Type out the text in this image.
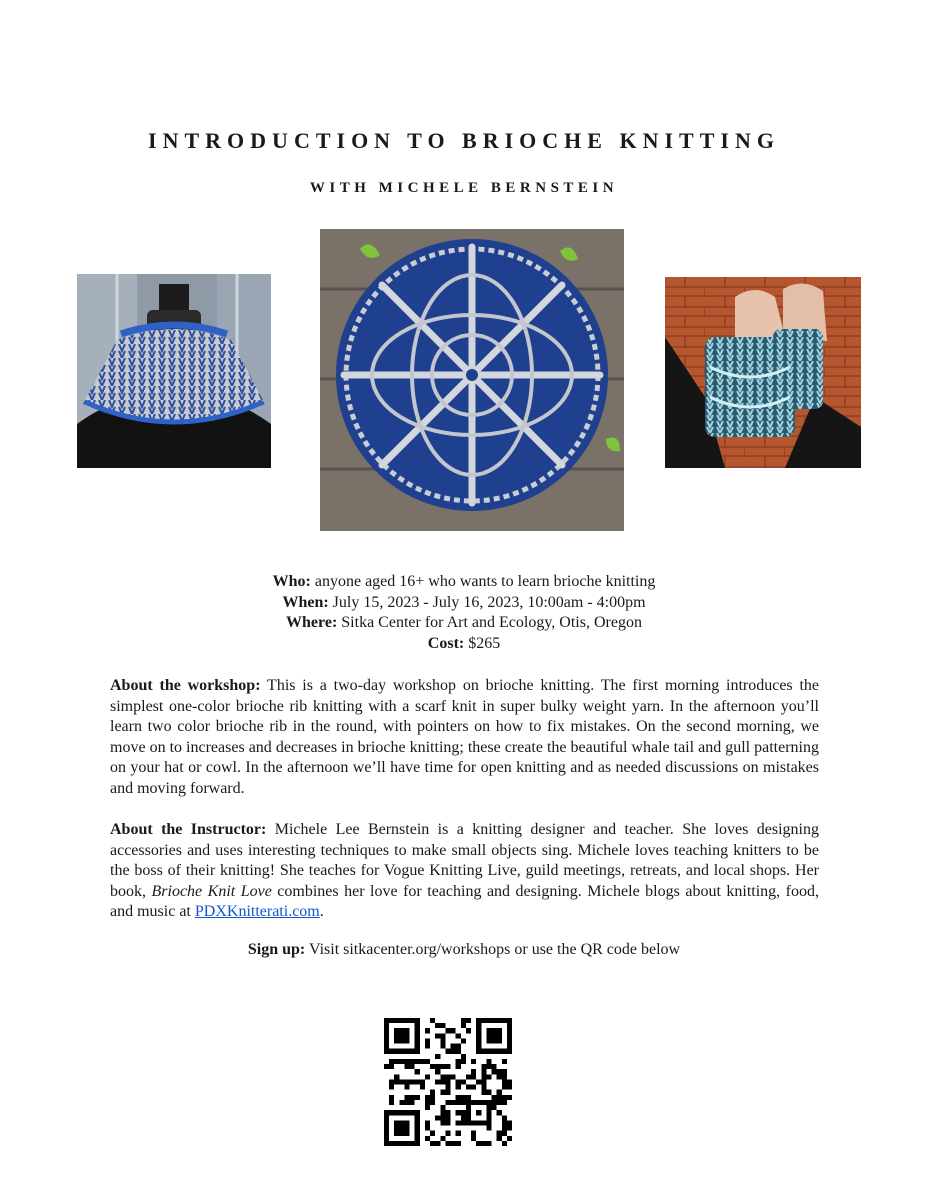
INTRODUCTION TO BRIOCHE KNITTING
WITH MICHELE BERNSTEIN
Who: anyone aged 16+ who wants to learn brioche knitting
When: July 15, 2023 - July 16, 2023, 10:00am - 4:00pm
Where: Sitka Center for Art and Ecology, Otis, Oregon
Cost: $265

About the workshop: This is a two-day workshop on brioche knitting. The first morning introduces the simplest one-color brioche rib knitting with a scarf knit in super bulky weight yarn. In the afternoon you’ll learn two color brioche rib in the round, with pointers on how to fix mistakes. On the second morning, we move on to increases and decreases in brioche knitting; these create the beautiful whale tail and gull patterning on your hat or cowl. In the afternoon we’ll have time for open knitting and as needed discussions on mistakes and moving forward.

About the Instructor: Michele Lee Bernstein is a knitting designer and teacher. She loves designing accessories and uses interesting techniques to make small objects sing. Michele loves teaching knitters to be the boss of their knitting! She teaches for Vogue Knitting Live, guild meetings, retreats, and local shops. Her book, Brioche Knit Love combines her love for teaching and designing. Michele blogs about knitting, food, and music at PDXKnitterati.com.

Sign up: Visit sitkacenter.org/workshops or use the QR code below
